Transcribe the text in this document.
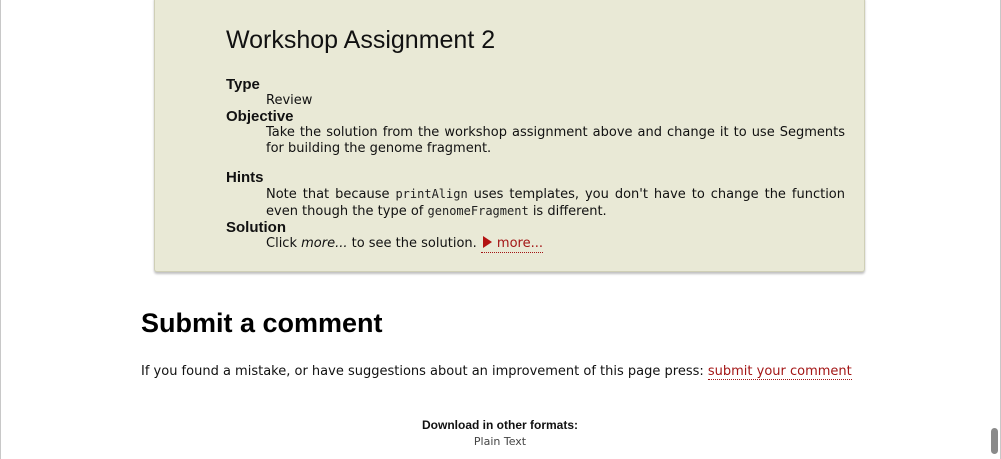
Workshop Assignment 2
Type
Review
Objective
Take the solution from the workshop assignment above and change it to use Segments for building the genome fragment.
Hints
Note that because printAlign uses templates, you don't have to change the function even though the type of genomeFragment is different.
Solution
Click more... to see the solution. more...
Submit a comment

If you found a mistake, or have suggestions about an improvement of this page press: submit your comment

Download in other formats:
Plain Text
